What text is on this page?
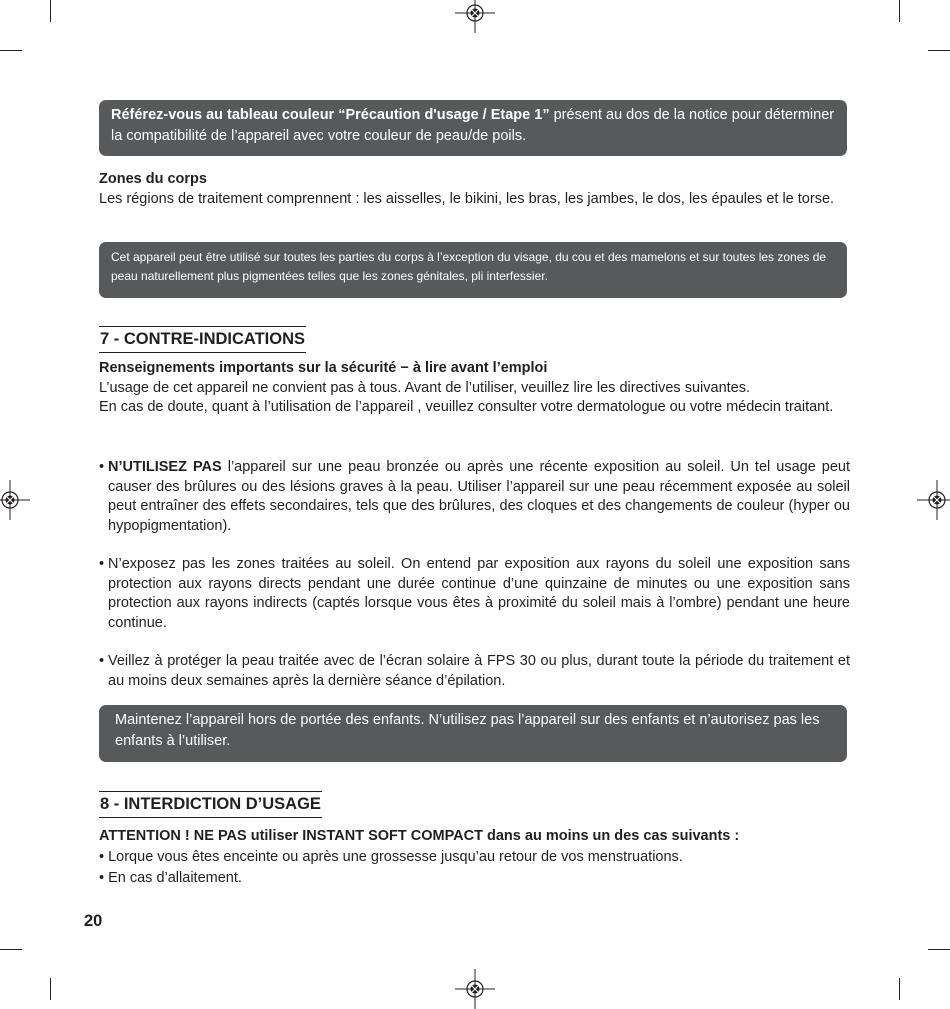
Référez-vous au tableau couleur “Précaution d'usage / Etape 1” présent au dos de la notice pour déterminer la compatibilité de l’appareil avec votre couleur de peau/de poils.
Zones du corps
Les régions de traitement comprennent : les aisselles, le bikini, les bras, les jambes, le dos, les épaules et le torse.
Cet appareil peut être utilisé sur toutes les parties du corps à l’exception du visage, du cou et des mamelons et sur toutes les zones de peau naturellement plus pigmentées telles que les zones génitales, pli interfessier.
7 - CONTRE-INDICATIONS
Renseignements importants sur la sécurité − à lire avant l’emploi
L’usage de cet appareil ne convient pas à tous. Avant de l’utiliser, veuillez lire les directives suivantes.
En cas de doute, quant à l’utilisation de l’appareil , veuillez consulter votre dermatologue ou votre médecin traitant.
• N’UTILISEZ PAS l’appareil sur une peau bronzée ou après une récente exposition au soleil. Un tel usage peut causer des brûlures ou des lésions graves à la peau. Utiliser l’appareil sur une peau récemment exposée au soleil peut entraîner des effets secondaires, tels que des brûlures, des cloques et des changements de couleur (hyper ou hypopigmentation).
• N’exposez pas les zones traitées au soleil. On entend par exposition aux rayons du soleil une exposition sans protection aux rayons directs pendant une durée continue d’une quinzaine de minutes ou une exposition sans protection aux rayons indirects (captés lorsque vous êtes à proximité du soleil mais à l’ombre) pendant une heure continue.
• Veillez à protéger la peau traitée avec de l’écran solaire à FPS 30 ou plus, durant toute la période du traitement et au moins deux semaines après la dernière séance d’épilation.
Maintenez l’appareil hors de portée des enfants. N’utilisez pas l’appareil sur des enfants et n’autorisez pas les enfants à l’utiliser.
8 - INTERDICTION D’USAGE
ATTENTION ! NE PAS utiliser INSTANT SOFT COMPACT dans au moins un des cas suivants :
• Lorque vous êtes enceinte ou après une grossesse jusqu’au retour de vos menstruations.
• En cas d’allaitement.
20
